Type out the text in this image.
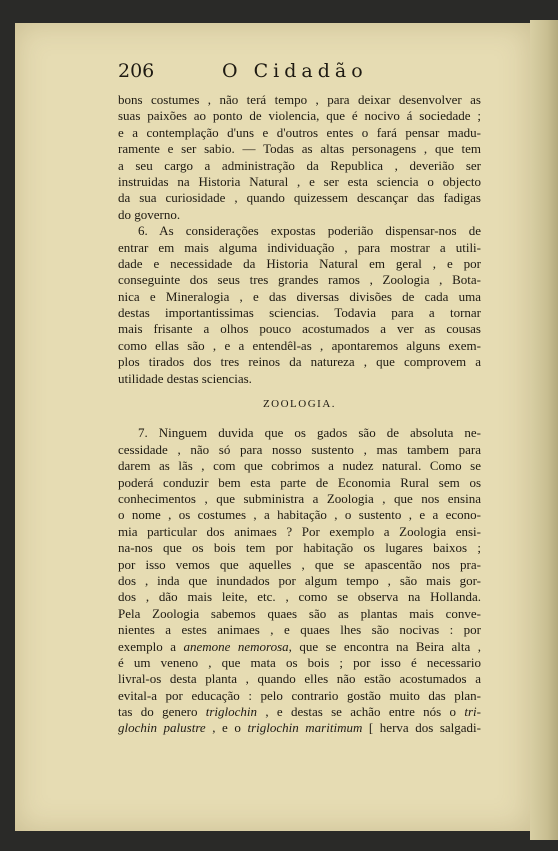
206	O Cidadão
bons costumes , não terá tempo , para deixar desenvolver as
suas paixões ao ponto de violencia, que é nocivo á sociedade ;
e a contemplação d'uns e d'outros entes o fará pensar madu-
ramente e ser sabio. — Todas as altas personagens , que tem
a seu cargo a administração da Republica , deverião ser
instruidas na Historia Natural , e ser esta sciencia o objecto
da sua curiosidade , quando quizessem descançar das fadigas
do governo.
6. As considerações expostas poderião dispensar-nos de
entrar em mais alguma individuação , para mostrar a utili-
dade e necessidade da Historia Natural em geral , e por
conseguinte dos seus tres grandes ramos , Zoologia , Bota-
nica e Mineralogia , e das diversas divisões de cada uma
destas importantissimas sciencias. Todavia para a tornar
mais frisante a olhos pouco acostumados a ver as cousas
como ellas são , e a entendêl-as , apontaremos alguns exem-
plos tirados dos tres reinos da natureza , que comprovem a
utilidade destas sciencias.
ZOOLOGIA.
7. Ninguem duvida que os gados são de absoluta ne-
cessidade , não só para nosso sustento , mas tambem para
darem as lãs , com que cobrimos a nudez natural. Como se
poderá conduzir bem esta parte de Economia Rural sem os
conhecimentos , que subministra a Zoologia , que nos ensina
o nome , os costumes , a habitação , o sustento , e a econo-
mia particular dos animaes ? Por exemplo a Zoologia ensi-
na-nos que os bois tem por habitação os lugares baixos ;
por isso vemos que aquelles , que se apascentão nos pra-
dos , inda que inundados por algum tempo , são mais gor-
dos , dão mais leite, etc. , como se observa na Hollanda.
Pela Zoologia sabemos quaes são as plantas mais conve-
nientes a estes animaes , e quaes lhes são nocivas : por
exemplo a anemone nemorosa, que se encontra na Beira alta ,
é um veneno , que mata os bois ; por isso é necessario
livral-os desta planta , quando elles não estão acostumados a
evital-a por educação : pelo contrario gostão muito das plan-
tas do genero triglochin , e destas se achão entre nós o tri-
glochin palustre , e o triglochin maritimum [ herva dos salgadi-
